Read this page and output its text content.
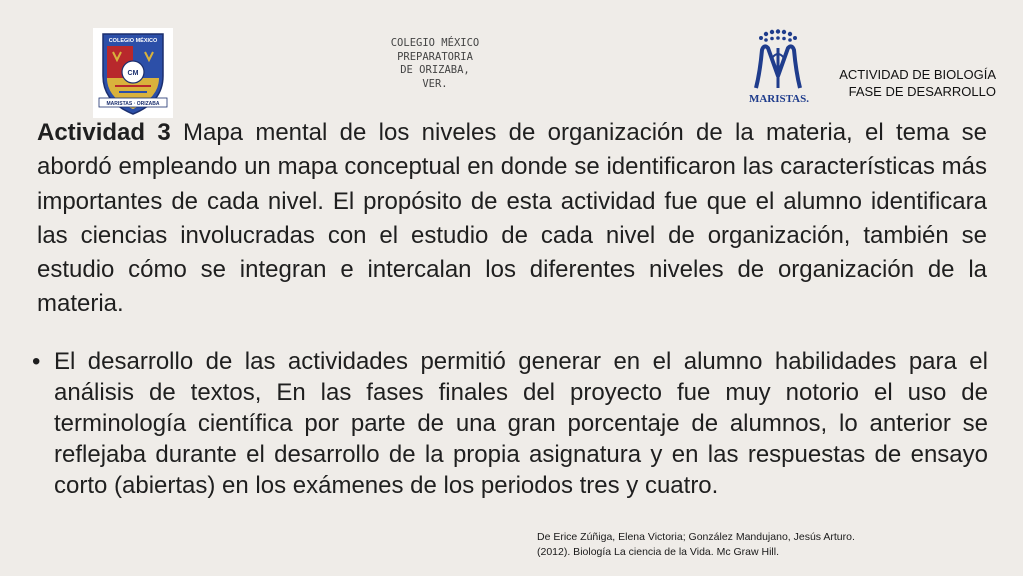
COLEGIO MÉXICO
CM
MARISTAS · ORIZABA
COLEGIO MÉXICO
PREPARATORIA
DE ORIZABA,
VER.
MARISTAS.
ACTIVIDAD DE BIOLOGÍA
FASE DE DESARROLLO

Actividad 3 Mapa mental de los niveles de organización de la materia, el tema se abordó empleando un mapa conceptual en donde se identificaron las características más importantes de cada nivel. El propósito de esta actividad fue que el alumno identificara las ciencias involucradas con el estudio de cada nivel de organización, también se estudio cómo se integran e intercalan los diferentes niveles de organización de la materia.

• El desarrollo de las actividades permitió generar en el alumno habilidades para el análisis de textos, En las fases finales del proyecto fue muy notorio el uso de terminología científica por parte de una gran porcentaje de alumnos, lo anterior se reflejaba durante el desarrollo de la propia asignatura y en las respuestas de ensayo corto (abiertas) en los exámenes de los periodos tres y cuatro.
De Erice Zúñiga, Elena Victoria; González Mandujano, Jesús Arturo.
(2012). Biología La ciencia de la Vida. Mc Graw Hill.
